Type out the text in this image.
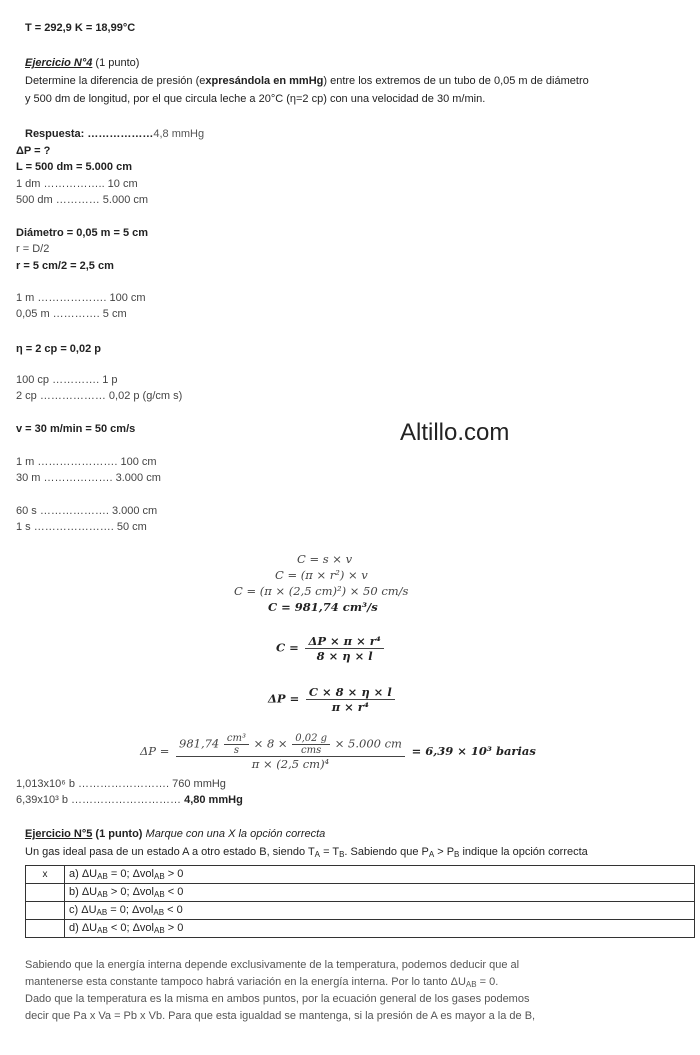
T = 292,9 K = 18,99°C
Ejercicio N°4 (1 punto)
Determine la diferencia de presión (expresándola en mmHg) entre los extremos de un tubo de 0,05 m de diámetro
y 500 dm de longitud, por el que circula leche a 20°C (η=2 cp) con una velocidad de 30 m/min.
Respuesta: ………………4,8 mmHg
ΔP = ?
L = 500 dm = 5.000 cm
1 dm …………….. 10 cm
500 dm ………… 5.000 cm
Diámetro = 0,05 m = 5 cm
r = D/2
r = 5 cm/2 = 2,5 cm
1 m ………………. 100 cm
0,05 m …………. 5 cm
η = 2 cp = 0,02 p
100 cp …………. 1 p
2 cp ……………… 0,02 p (g/cm s)
v = 30 m/min = 50 cm/s	Altillo.com
1 m …………………. 100 cm
30 m ………………. 3.000 cm
60 s ………………. 3.000 cm
1 s …………………. 50 cm
C = s × v
C = (π × r²) × v
C = (π × (2,5 cm)²) × 50 cm/s
C = 981,74 cm³/s
$C = \frac{\text{ΔP × π × r⁴}}{8 \times \eta \times l}$
$\Delta P = \frac{C \times 8 \times \eta \times l}{\text{π × r⁴}}$
ΔP =
$981,74 \frac{\text{cm³}}{s} \times 8 \times \frac{0,02 g}{\text{cms}} \times 5.000$ cm
π × (2,5 cm)⁴
= 6,39 × 10³ barias
1,013x10⁶ b ……………………. 760 mmHg
6,39x10³ b ………………………… 4,80 mmHg
Ejercicio N°5 (1 punto) Marque con una X la opción correcta
Un gas ideal pasa de un estado A a otro estado B, siendo $T_A = T_B$. Sabiendo que $P_A > P_B$ indique la opción correcta
x	a) $\Delta U_{AB} = 0$; Δvol$_{AB}$ > 0
	b) $\Delta U_{AB} > 0$; Δvol$_{AB}$ < 0
	c) $\Delta U_{AB} = 0$; Δvol$_{AB}$ < 0
	d) $\Delta U_{AB} < 0$; Δvol$_{AB}$ > 0
Sabiendo que la energía interna depende exclusivamente de la temperatura, podemos deducir que al
mantenerse esta constante tampoco habrá variación en la energía interna. Por lo tanto $\Delta U_{AB} = 0$.
Dado que la temperatura es la misma en ambos puntos, por la ecuación general de los gases podemos
decir que Pa x Va = Pb x Vb. Para que esta igualdad se mantenga, si la presión de A es mayor a la de B,
